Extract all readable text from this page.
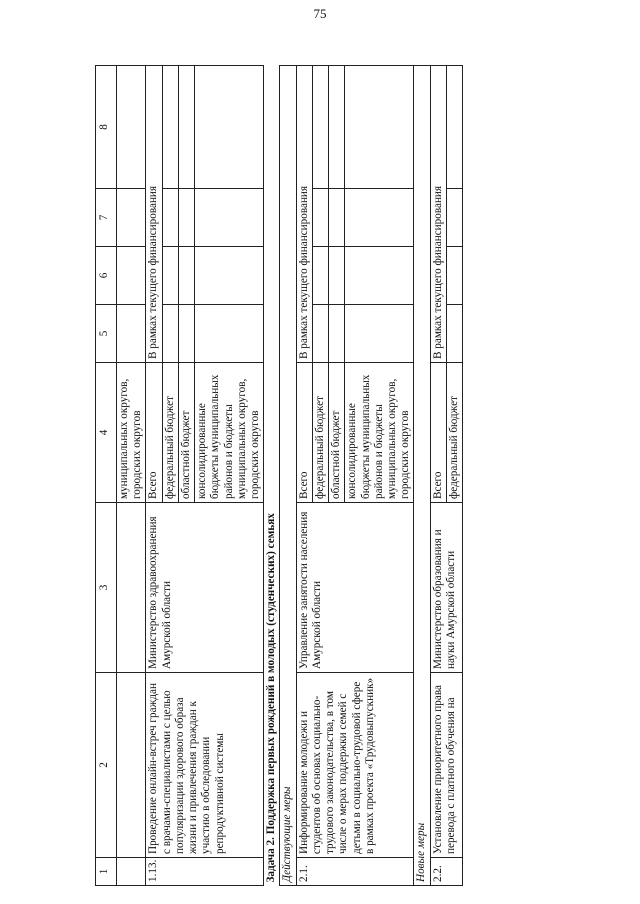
75
1	2	3	4	5	6	7	8
			муниципальных округов, городских округов				
1.13.	Проведение онлайн-встреч граждан с врачами-специалистами с целью популяризации здорового образа жизни и привлечения граждан к участию в обследовании репродуктивной системы	Министерство здравоохранения Амурской области	Всего	В рамках текущего финансирования			
			федеральный бюджет				
			областной бюджет				
			консолидированные бюджеты муниципальных районов и бюджеты муниципальных округов, городских округов				
Задача 2. Поддержка первых рождений в молодых (студенческих) семьях							
Действующие меры							
2.1.	Информирование молодежи и студентов об основах социально-трудового законодательства, в том числе о мерах поддержки семей с детьми в социально-трудовой сфере в рамках проекта «Трудовыпускник»	Управление занятости населения Амурской области	Всего	В рамках текущего финансирования			
			федеральный бюджет				
			областной бюджет				
			консолидированные бюджеты муниципальных районов и бюджеты муниципальных округов, городских округов				
Новые меры							
2.2.	Установление приоритетного права перевода с платного обучения на	Министерство образования и науки Амурской области	Всего	В рамках текущего финансирования			
			федеральный бюджет				
